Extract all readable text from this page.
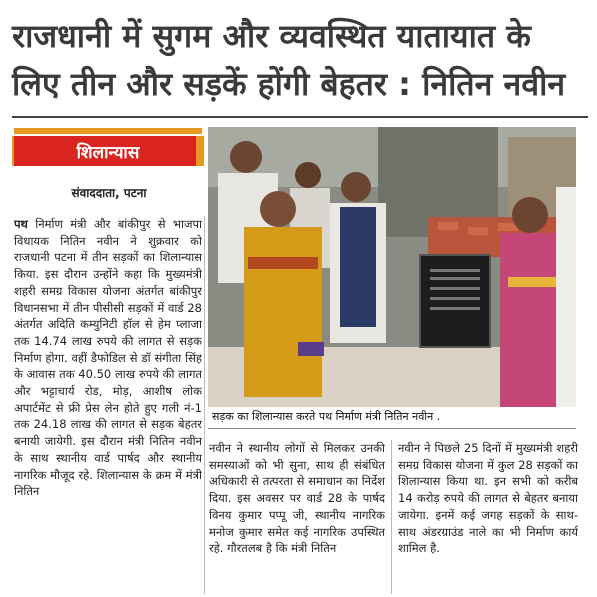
राजधानी में सुगम और व्यवस्थित यातायात के
लिए तीन और सड़कें होंगी बेहतर : नितिन नवीन
शिलान्यास
संवाददाता, पटना
पथ निर्माण मंत्री और बांकीपुर से भाजपा विधायक नितिन नवीन ने शुक्रवार को राजधानी पटना में तीन सड़कों का शिलान्यास किया. इस दौरान उन्होंने कहा कि मुख्यमंत्री शहरी समग्र विकास योजना अंतर्गत बांकीपुर विधानसभा में तीन पीसीसी सड़कों में वार्ड 28 अंतर्गत अदिति कम्युनिटी हॉल से हेम प्लाजा तक 14.74 लाख रुपये की लागत से सड़क निर्माण होगा. वहीं डैफोडिल से डॉ संगीता सिंह के आवास तक 40.50 लाख रुपये की लागत और भट्टाचार्य रोड, मोड़, आशीष लोक अपार्टमेंट से फ्री प्रेस लेन होते हुए गली नं-1 तक 24.18 लाख की लागत से सड़क बेहतर बनायी जायेगी. इस दौरान मंत्री नितिन नवीन के साथ स्थानीय वार्ड पार्षद और स्थानीय नागरिक मौजूद रहे. शिलान्यास के क्रम में मंत्री नितिन
सड़क का शिलान्यास करते पथ निर्माण मंत्री नितिन नवीन .
नवीन ने स्थानीय लोगों से मिलकर उनकी समस्याओं को भी सुना, साथ ही संबंधित अधिकारी से तत्परता से समाधान का निर्देश दिया. इस अवसर पर वार्ड 28 के पार्षद विनय कुमार पप्पू जी, स्थानीय नागरिक मनोज कुमार समेत कई नागरिक उपस्थित रहे. गौरतलब है कि मंत्री नितिन
नवीन ने पिछले 25 दिनों में मुख्यमंत्री शहरी समग्र विकास योजना में कुल 28 सड़कों का शिलान्यास किया था. इन सभी को करीब 14 करोड़ रुपये की लागत से बेहतर बनाया जायेगा. इनमें कई जगह सड़कों के साथ- साथ अंडरग्राउंड नाले का भी निर्माण कार्य शामिल है.
